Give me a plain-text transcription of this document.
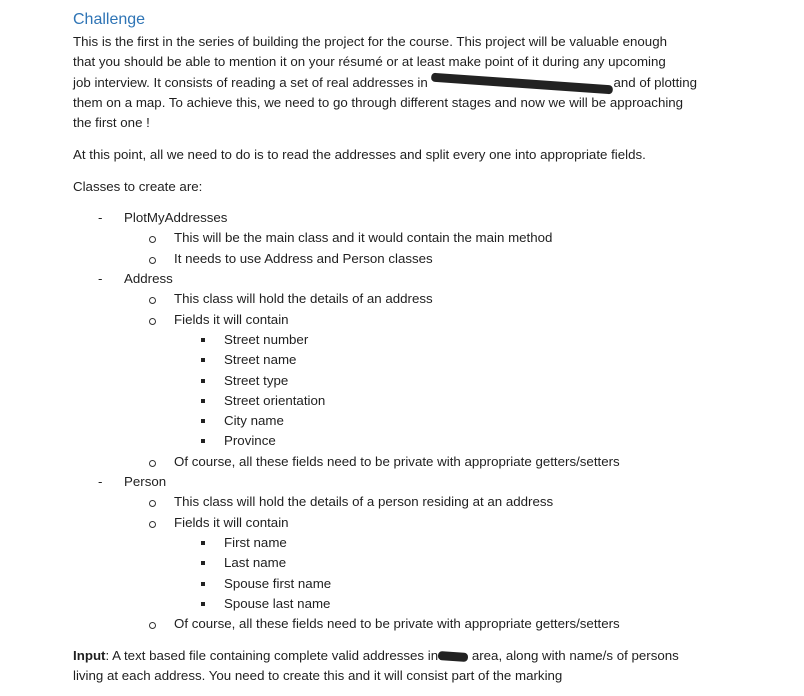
Challenge
This is the first in the series of building the project for the course. This project will be valuable enough
that you should be able to mention it on your résumé or at least make point of it during any upcoming
job interview. It consists of reading a set of real addresses in	and of plotting
them on a map. To achieve this, we need to go through different stages and now we will be approaching
the first one !
At this point, all we need to do is to read the addresses and split every one into appropriate fields.
Classes to create are:
- PlotMyAddresses
This will be the main class and it would contain the main method
It needs to use Address and Person classes
- Address
This class will hold the details of an address
Fields it will contain
Street number
Street name
Street type
Street orientation
City name
Province
Of course, all these fields need to be private with appropriate getters/setters
- Person
This class will hold the details of a person residing at an address
Fields it will contain
First name
Last name
Spouse first name
Spouse last name
Of course, all these fields need to be private with appropriate getters/setters
Input: A text based file containing complete valid addresses in	area, along with name/s of persons
living at each address. You need to create this and it will consist part of the marking
